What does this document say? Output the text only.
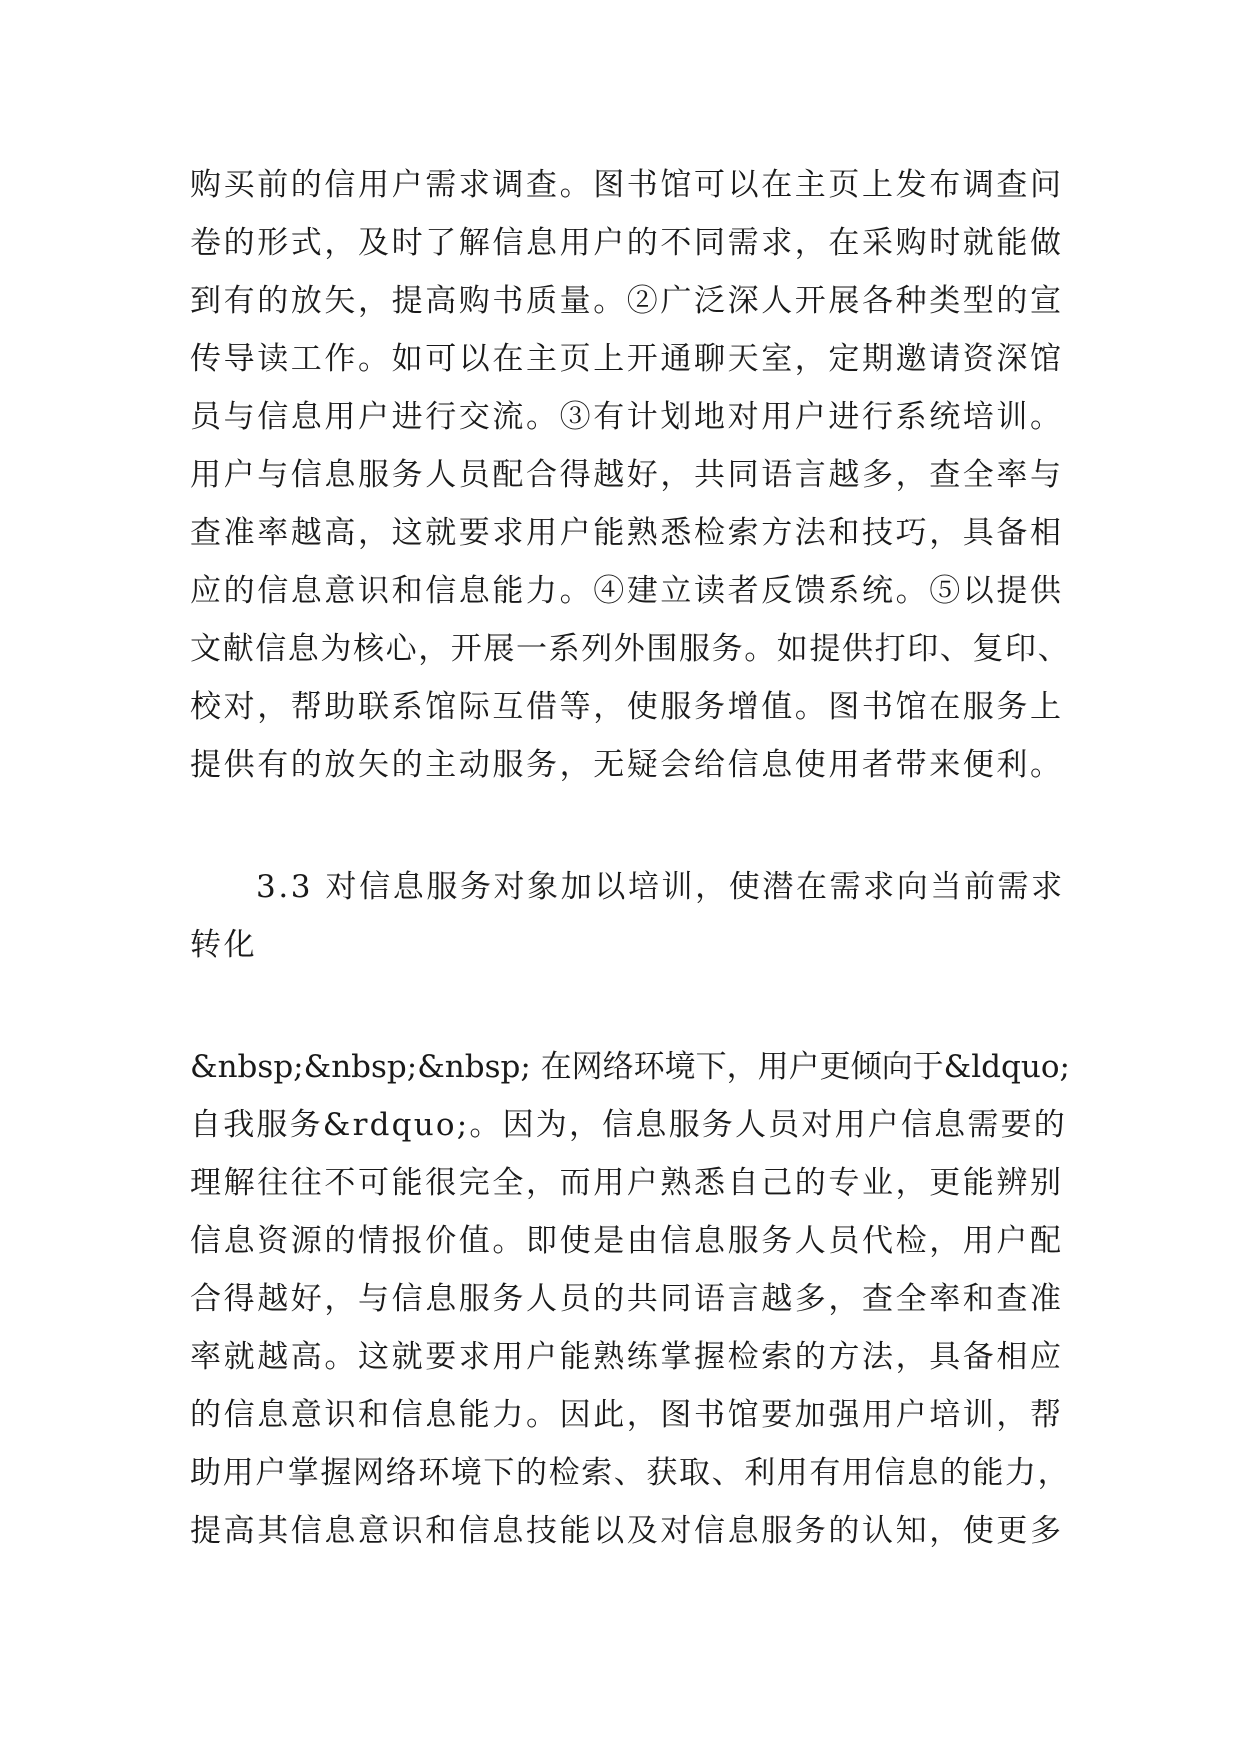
购买前的信用户需求调查。图书馆可以在主页上发布调查问
卷的形式，及时了解信息用户的不同需求，在采购时就能做
到有的放矢，提高购书质量。②广泛深人开展各种类型的宣
传导读工作。如可以在主页上开通聊天室，定期邀请资深馆
员与信息用户进行交流。③有计划地对用户进行系统培训。
用户与信息服务人员配合得越好，共同语言越多，查全率与
查准率越高，这就要求用户能熟悉检索方法和技巧，具备相
应的信息意识和信息能力。④建立读者反馈系统。⑤以提供
文献信息为核心，开展一系列外围服务。如提供打印、复印、
校对，帮助联系馆际互借等，使服务增值。图书馆在服务上
提供有的放矢的主动服务，无疑会给信息使用者带来便利。
3.3 对信息服务对象加以培训，使潜在需求向当前需求
转化
&nbsp;&nbsp;&nbsp; 在网络环境下，用户更倾向于&ldquo;
自我服务&rdquo;。因为，信息服务人员对用户信息需要的
理解往往不可能很完全，而用户熟悉自己的专业，更能辨别
信息资源的情报价值。即使是由信息服务人员代检，用户配
合得越好，与信息服务人员的共同语言越多，查全率和查准
率就越高。这就要求用户能熟练掌握检索的方法，具备相应
的信息意识和信息能力。因此，图书馆要加强用户培训，帮
助用户掌握网络环境下的检索、获取、利用有用信息的能力，
提高其信息意识和信息技能以及对信息服务的认知，使更多
